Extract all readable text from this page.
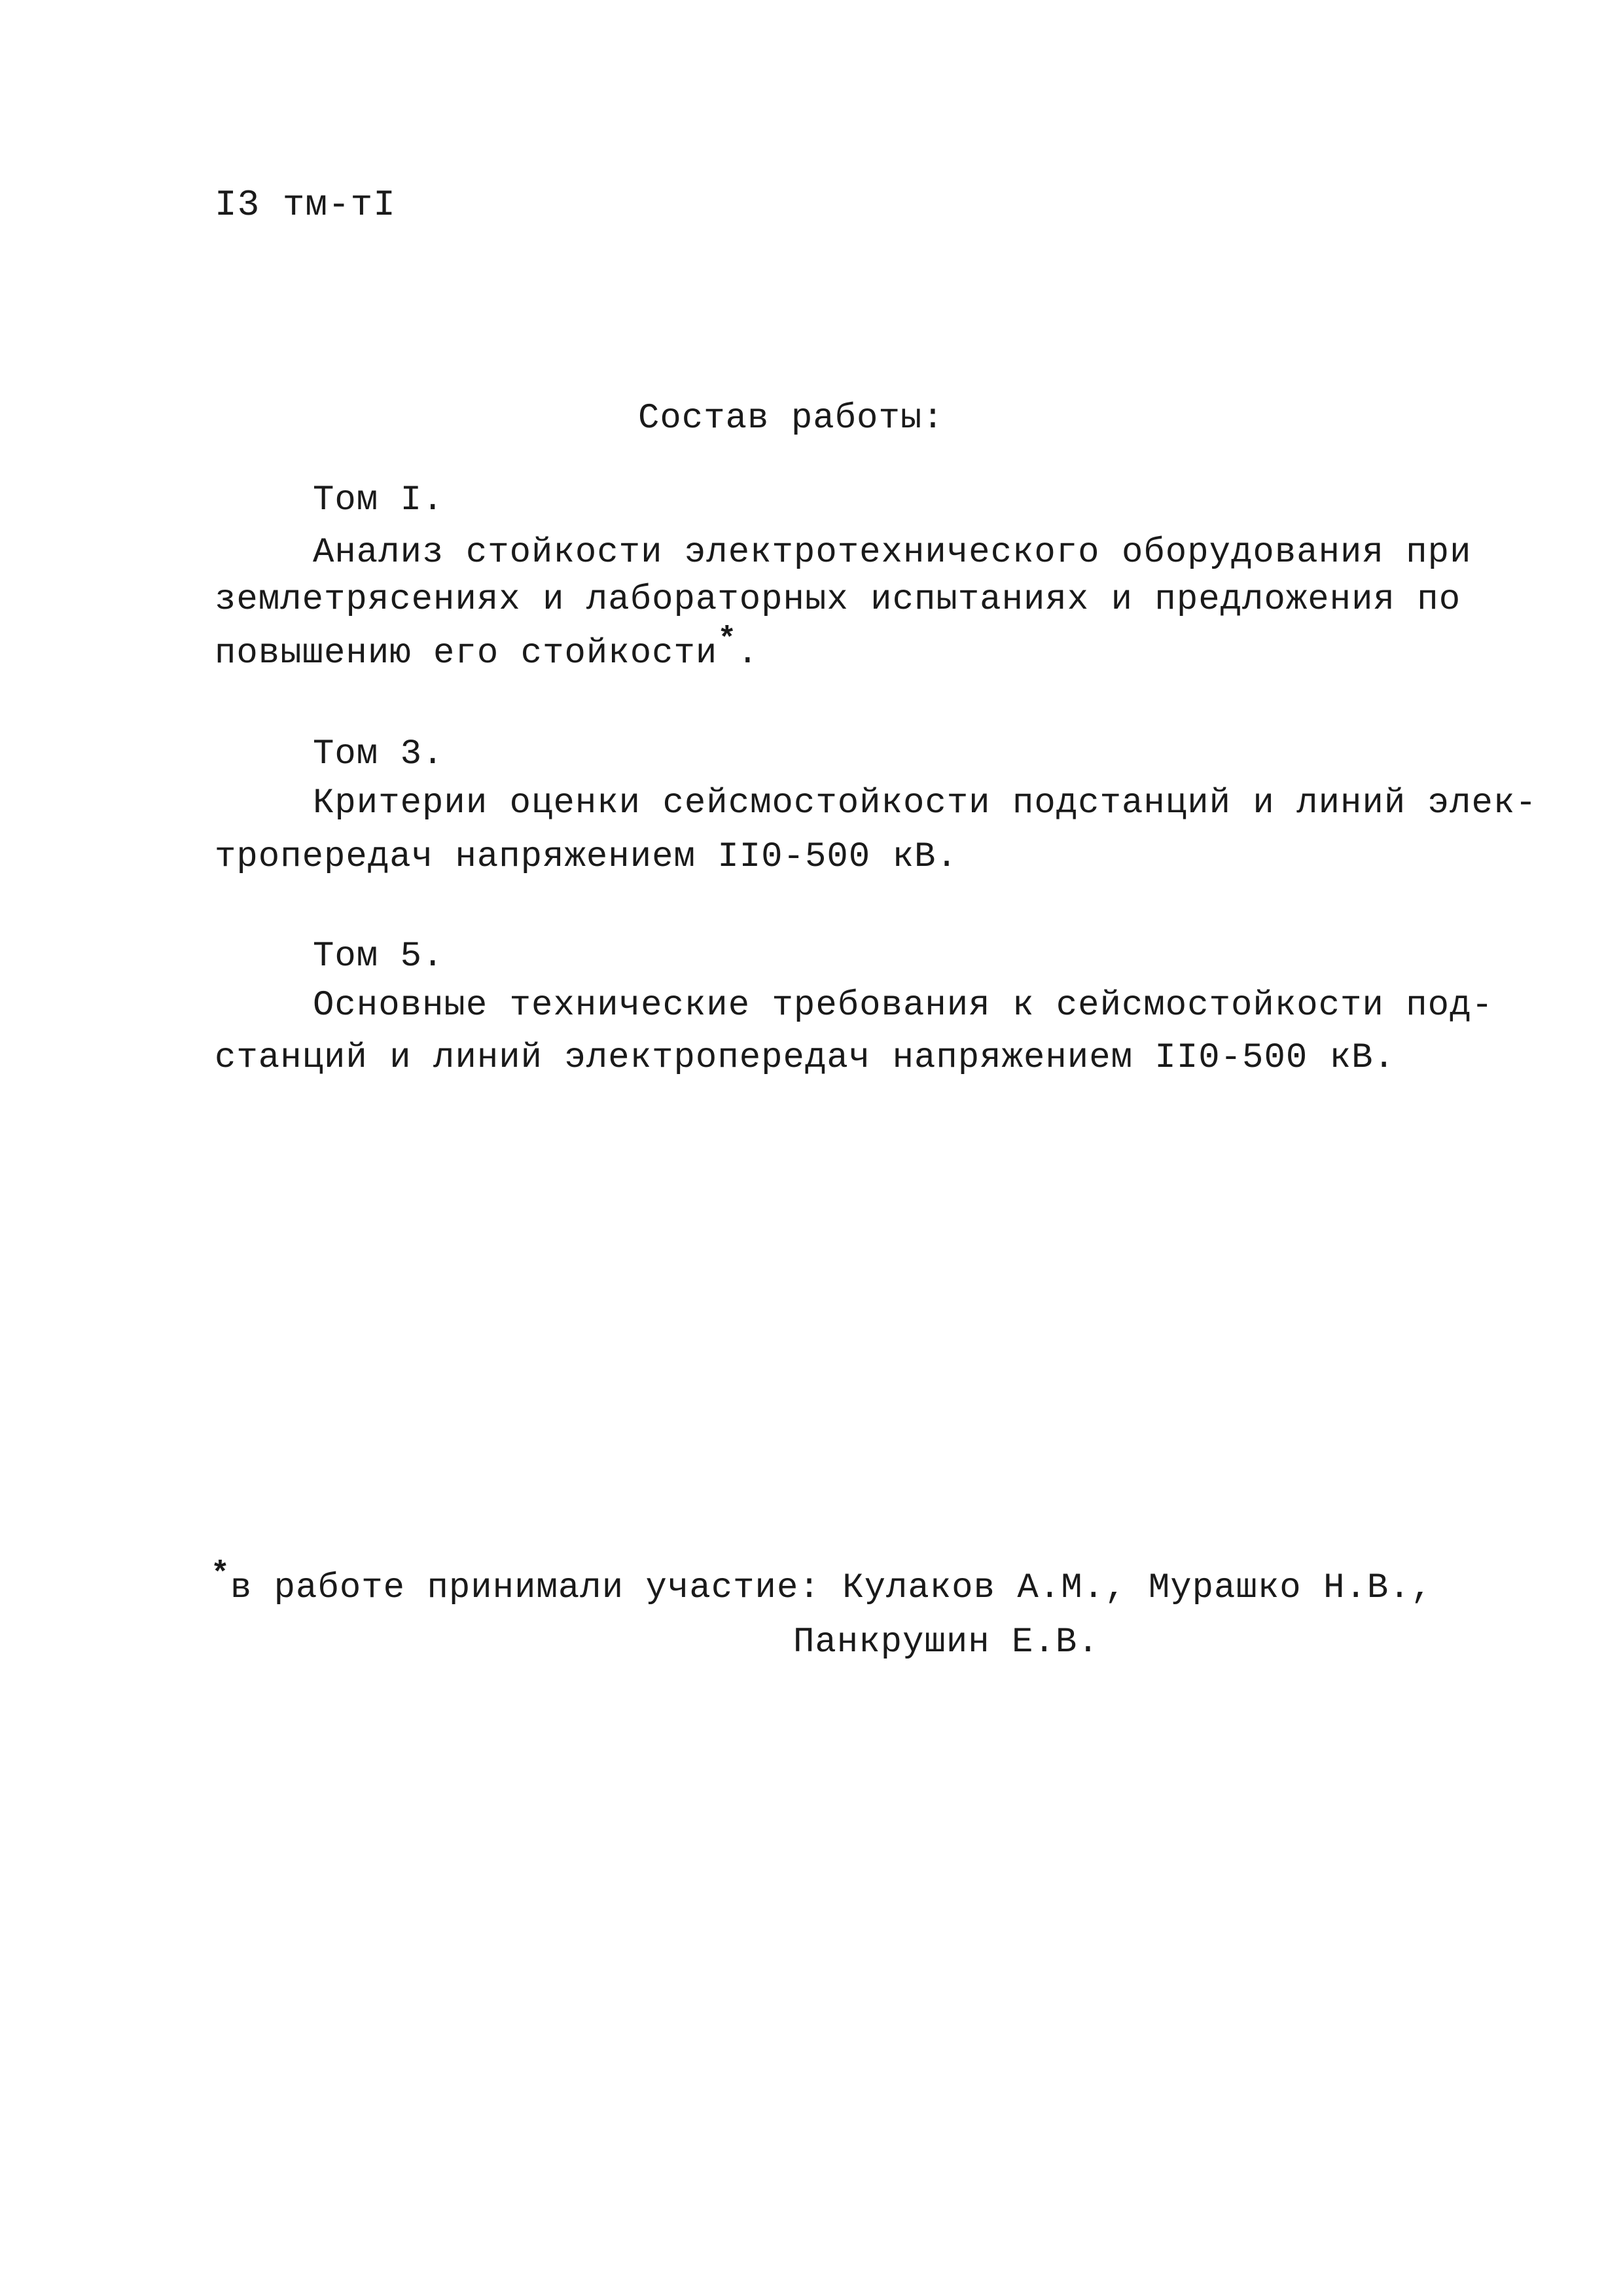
I3 тм-тI
Состав работы:
Том I.
Анализ стойкости электротехнического оборудования при
землетрясениях и лабораторных испытаниях и предложения по
повышению его стойкости*.
Том 3.
Критерии оценки сейсмостойкости подстанций и линий элек-
тропередач напряжением II0-500 кВ.
Том 5.
Основные технические требования к сейсмостойкости под-
станций и линий электропередач напряжением II0-500 кВ.
*в работе принимали участие: Кулаков А.М., Мурашко Н.В.,
Панкрушин Е.В.
